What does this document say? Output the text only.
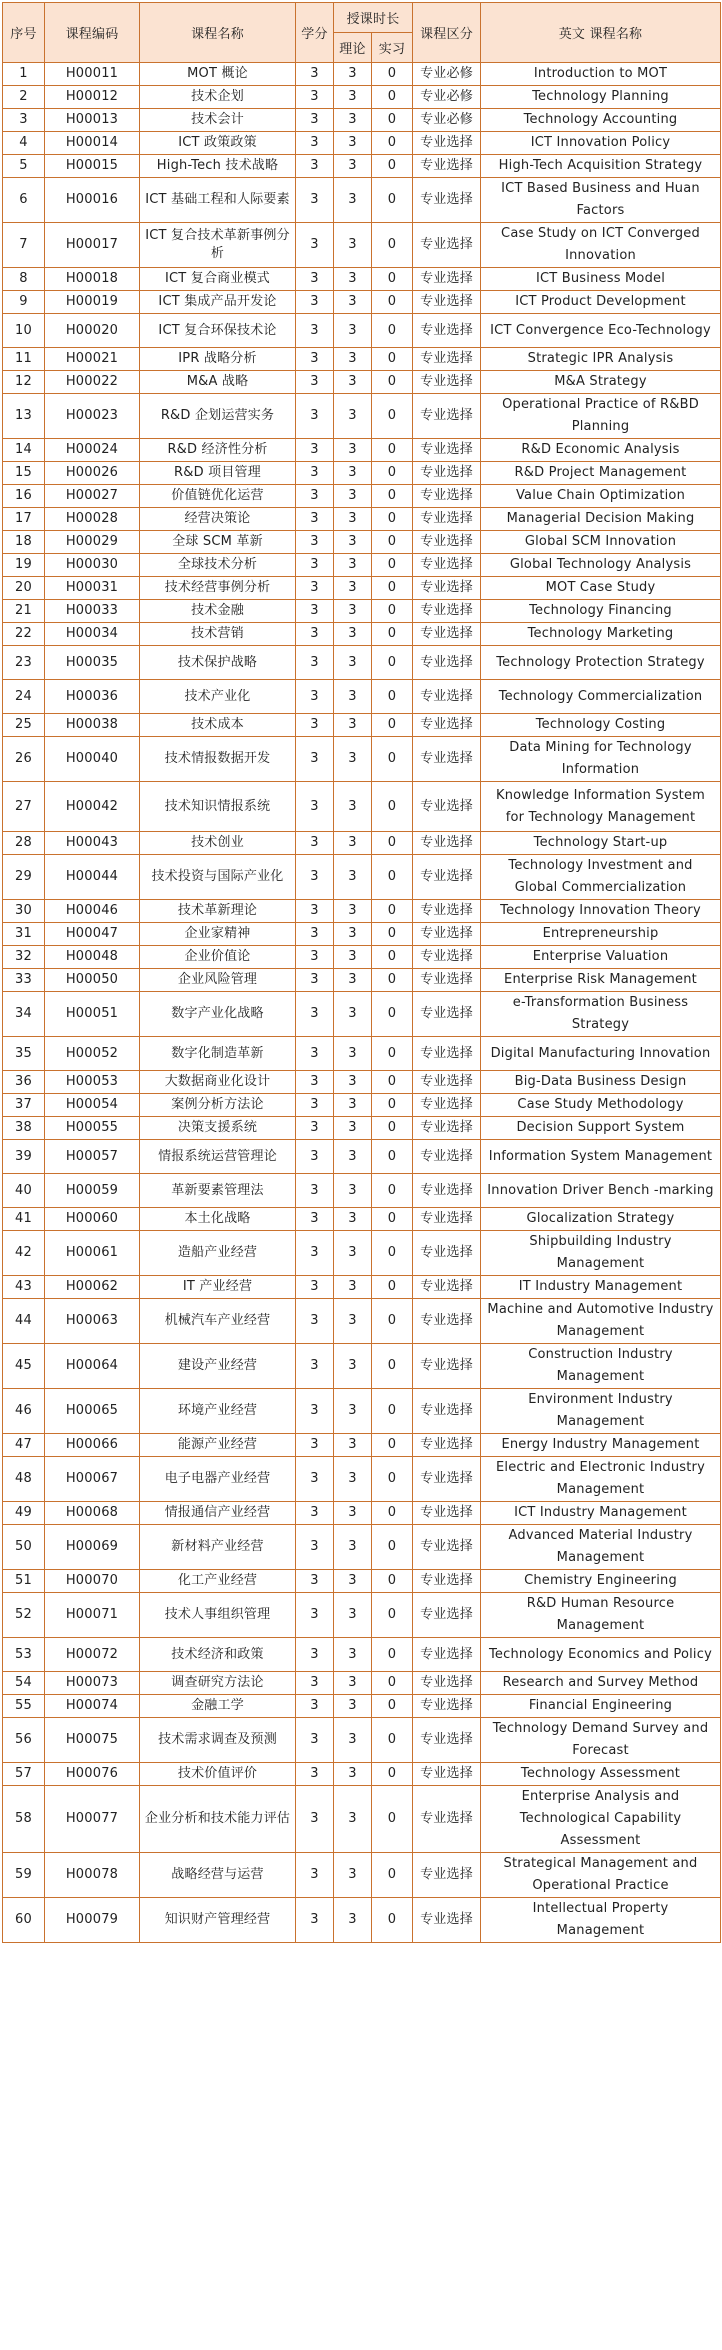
序号	课程编码	课程名称	学分	授课时长		课程区分	英文 课程名称
				理论	实习		
1	H00011	MOT 概论	3	3	0	专业必修	Introduction to MOT
2	H00012	技术企划	3	3	0	专业必修	Technology Planning
3	H00013	技术会计	3	3	0	专业必修	Technology Accounting
4	H00014	ICT 政策政策	3	3	0	专业选择	ICT Innovation Policy
5	H00015	High-Tech 技术战略	3	3	0	专业选择	High-Tech Acquisition Strategy
6	H00016	ICT 基础工程和人际要素	3	3	0	专业选择	ICT Based Business and Huan Factors
7	H00017	ICT 复合技术革新事例分析	3	3	0	专业选择	Case Study on ICT Converged Innovation
8	H00018	ICT 复合商业模式	3	3	0	专业选择	ICT Business Model
9	H00019	ICT 集成产品开发论	3	3	0	专业选择	ICT Product Development
10	H00020	ICT 复合环保技术论	3	3	0	专业选择	ICT Convergence Eco-Technology
11	H00021	IPR 战略分析	3	3	0	专业选择	Strategic IPR Analysis
12	H00022	M&A 战略	3	3	0	专业选择	M&A Strategy
13	H00023	R&D 企划运营实务	3	3	0	专业选择	Operational Practice of R&BD Planning
14	H00024	R&D 经济性分析	3	3	0	专业选择	R&D Economic Analysis
15	H00026	R&D 项目管理	3	3	0	专业选择	R&D Project Management
16	H00027	价值链优化运营	3	3	0	专业选择	Value Chain Optimization
17	H00028	经营决策论	3	3	0	专业选择	Managerial Decision Making
18	H00029	全球 SCM 革新	3	3	0	专业选择	Global SCM Innovation
19	H00030	全球技术分析	3	3	0	专业选择	Global Technology Analysis
20	H00031	技术经营事例分析	3	3	0	专业选择	MOT Case Study
21	H00033	技术金融	3	3	0	专业选择	Technology Financing
22	H00034	技术营销	3	3	0	专业选择	Technology Marketing
23	H00035	技术保护战略	3	3	0	专业选择	Technology Protection Strategy
24	H00036	技术产业化	3	3	0	专业选择	Technology Commercialization
25	H00038	技术成本	3	3	0	专业选择	Technology Costing
26	H00040	技术情报数据开发	3	3	0	专业选择	Data Mining for Technology Information
27	H00042	技术知识情报系统	3	3	0	专业选择	Knowledge Information System for Technology Management
28	H00043	技术创业	3	3	0	专业选择	Technology Start-up
29	H00044	技术投资与国际产业化	3	3	0	专业选择	Technology Investment and Global Commercialization
30	H00046	技术革新理论	3	3	0	专业选择	Technology Innovation Theory
31	H00047	企业家精神	3	3	0	专业选择	Entrepreneurship
32	H00048	企业价值论	3	3	0	专业选择	Enterprise Valuation
33	H00050	企业风险管理	3	3	0	专业选择	Enterprise Risk Management
34	H00051	数字产业化战略	3	3	0	专业选择	e-Transformation Business Strategy
35	H00052	数字化制造革新	3	3	0	专业选择	Digital Manufacturing Innovation
36	H00053	大数据商业化设计	3	3	0	专业选择	Big-Data Business Design
37	H00054	案例分析方法论	3	3	0	专业选择	Case Study Methodology
38	H00055	决策支援系统	3	3	0	专业选择	Decision Support System
39	H00057	情报系统运营管理论	3	3	0	专业选择	Information System Management
40	H00059	革新要素管理法	3	3	0	专业选择	Innovation Driver Bench -marking
41	H00060	本土化战略	3	3	0	专业选择	Glocalization Strategy
42	H00061	造船产业经营	3	3	0	专业选择	Shipbuilding Industry Management
43	H00062	IT 产业经营	3	3	0	专业选择	IT Industry Management
44	H00063	机械汽车产业经营	3	3	0	专业选择	Machine and Automotive Industry Management
45	H00064	建设产业经营	3	3	0	专业选择	Construction Industry Management
46	H00065	环境产业经营	3	3	0	专业选择	Environment Industry Management
47	H00066	能源产业经营	3	3	0	专业选择	Energy Industry Management
48	H00067	电子电器产业经营	3	3	0	专业选择	Electric and Electronic Industry Management
49	H00068	情报通信产业经营	3	3	0	专业选择	ICT Industry Management
50	H00069	新材料产业经营	3	3	0	专业选择	Advanced Material Industry Management
51	H00070	化工产业经营	3	3	0	专业选择	Chemistry Engineering
52	H00071	技术人事组织管理	3	3	0	专业选择	R&D Human Resource Management
53	H00072	技术经济和政策	3	3	0	专业选择	Technology Economics and Policy
54	H00073	调查研究方法论	3	3	0	专业选择	Research and Survey Method
55	H00074	金融工学	3	3	0	专业选择	Financial Engineering
56	H00075	技术需求调查及预测	3	3	0	专业选择	Technology Demand Survey and Forecast
57	H00076	技术价值评价	3	3	0	专业选择	Technology Assessment
58	H00077	企业分析和技术能力评估	3	3	0	专业选择	Enterprise Analysis and Technological Capability Assessment
59	H00078	战略经营与运营	3	3	0	专业选择	Strategical Management and Operational Practice
60	H00079	知识财产管理经营	3	3	0	专业选择	Intellectual Property Management
